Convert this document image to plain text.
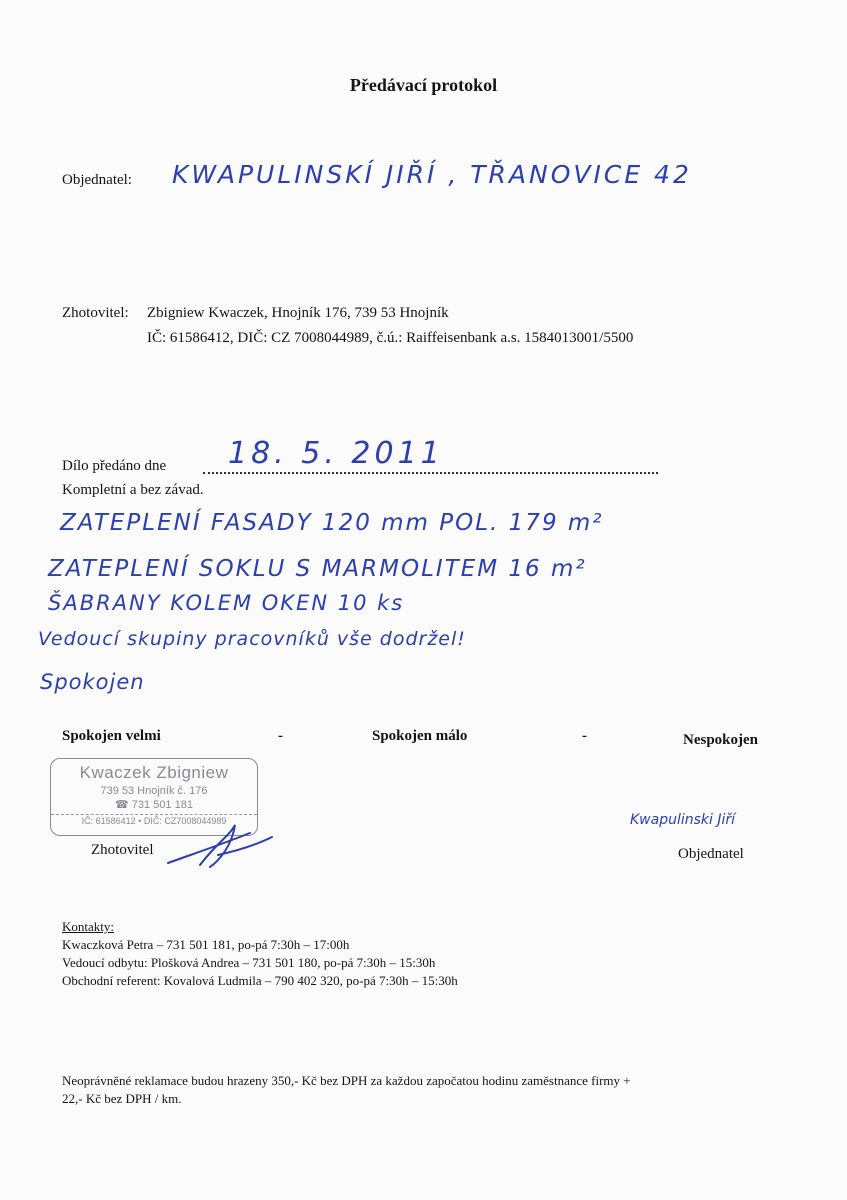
Předávací protokol
Objednatel: KWAPULINSKÍ JIŘÍ , TŘANOVICE 42
Zhotovitel: Zbigniew Kwaczek, Hnojník 176, 739 53 Hnojník
IČ: 61586412, DIČ: CZ 7008044989, č.ú.: Raiffeisenbank a.s. 1584013001/5500
Dílo předáno dne 18. 5. 2011
Kompletní a bez závad.
ZATEPLENÍ FASADY 120 mm POL. 179 m²
ZATEPLENÍ SOKLU S MARMOLITEM 16 m²
ŠABRANY KOLEM OKEN 10 ks
Vedoucí skupiny pracovníků vše dodržel!
Spokojen
Spokojen velmi	-	Spokojen málo	-	Nespokojen
Kwaczek Zbigniew
739 53 Hnojník č. 176
☎ 731 501 181
IČ: 61586412 • DIČ: CZ7008044989
Zhotovitel
Kwapulinski Jiří
Objednatel
Kontakty:
Kwaczková Petra – 731 501 181, po-pá 7:30h – 17:00h
Vedoucí odbytu: Plošková Andrea – 731 501 180, po-pá 7:30h – 15:30h
Obchodní referent: Kovalová Ludmila – 790 402 320, po-pá 7:30h – 15:30h
Neoprávněné reklamace budou hrazeny 350,- Kč bez DPH za každou započatou hodinu zaměstnance firmy +
22,- Kč bez DPH / km.
